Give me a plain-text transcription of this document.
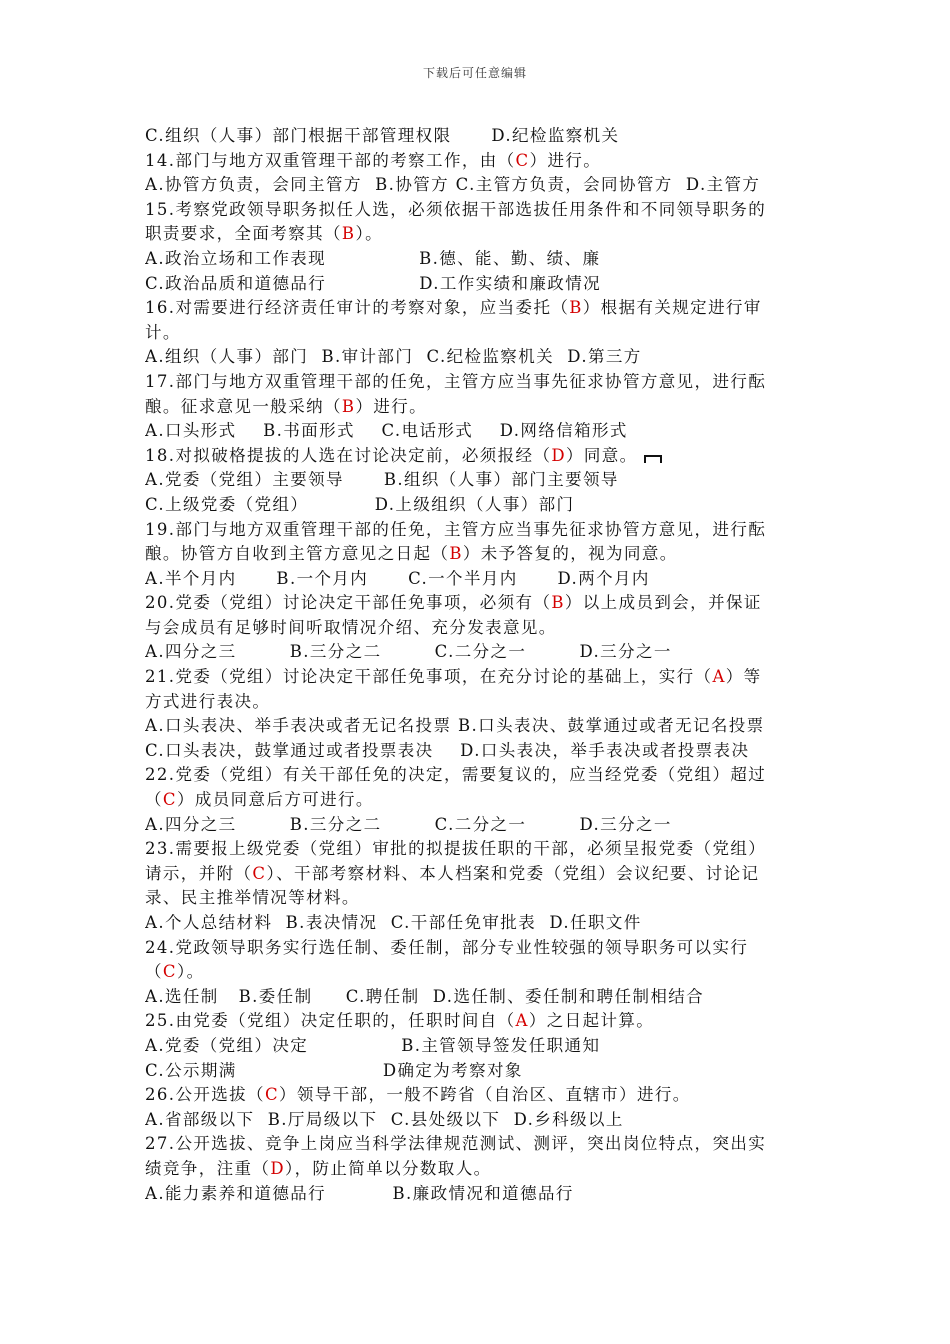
下载后可任意编辑
C.组织（人事）部门根据干部管理权限      D.纪检监察机关
14.部门与地方双重管理干部的考察工作，由（C）进行。
A.协管方负责，会同主管方  B.协管方 C.主管方负责，会同协管方  D.主管方
15.考察党政领导职务拟任人选，必须依据干部选拔任用条件和不同领导职务的
职责要求，全面考察其（B）。
A.政治立场和工作表现              B.德、能、勤、绩、廉
C.政治品质和道德品行              D.工作实绩和廉政情况
16.对需要进行经济责任审计的考察对象，应当委托（B）根据有关规定进行审
计。
A.组织（人事）部门  B.审计部门  C.纪检监察机关  D.第三方
17.部门与地方双重管理干部的任免，主管方应当事先征求协管方意见，进行酝
酿。征求意见一般采纳（B）进行。
A.口头形式    B.书面形式    C.电话形式    D.网络信箱形式
18.对拟破格提拔的人选在讨论决定前，必须报经（D）同意。
A.党委（党组）主要领导      B.组织（人事）部门主要领导
C.上级党委（党组）          D.上级组织（人事）部门
19.部门与地方双重管理干部的任免，主管方应当事先征求协管方意见，进行酝
酿。协管方自收到主管方意见之日起（B）未予答复的，视为同意。
A.半个月内      B.一个月内      C.一个半月内      D.两个月内
20.党委（党组）讨论决定干部任免事项，必须有（B）以上成员到会，并保证
与会成员有足够时间听取情况介绍、充分发表意见。
A.四分之三        B.三分之二        C.二分之一        D.三分之一
21.党委（党组）讨论决定干部任免事项，在充分讨论的基础上，实行（A）等
方式进行表决。
A.口头表决、举手表决或者无记名投票 B.口头表决、鼓掌通过或者无记名投票
C.口头表决，鼓掌通过或者投票表决    D.口头表决，举手表决或者投票表决
22.党委（党组）有关干部任免的决定，需要复议的，应当经党委（党组）超过
（C）成员同意后方可进行。
A.四分之三        B.三分之二        C.二分之一        D.三分之一
23.需要报上级党委（党组）审批的拟提拔任职的干部，必须呈报党委（党组）
请示，并附（C）、干部考察材料、本人档案和党委（党组）会议纪要、讨论记
录、民主推举情况等材料。
A.个人总结材料  B.表决情况  C.干部任免审批表  D.任职文件
24.党政领导职务实行选任制、委任制，部分专业性较强的领导职务可以实行
（C）。
A.选任制   B.委任制     C.聘任制  D.选任制、委任制和聘任制相结合
25.由党委（党组）决定任职的，任职时间自（A）之日起计算。
A.党委（党组）决定              B.主管领导签发任职通知
C.公示期满                      D确定为考察对象
26.公开选拔（C）领导干部，一般不跨省（自治区、直辖市）进行。
A.省部级以下  B.厅局级以下  C.县处级以下  D.乡科级以上
27.公开选拔、竞争上岗应当科学法律规范测试、测评，突出岗位特点，突出实
绩竞争，注重（D），防止简单以分数取人。
A.能力素养和道德品行          B.廉政情况和道德品行
